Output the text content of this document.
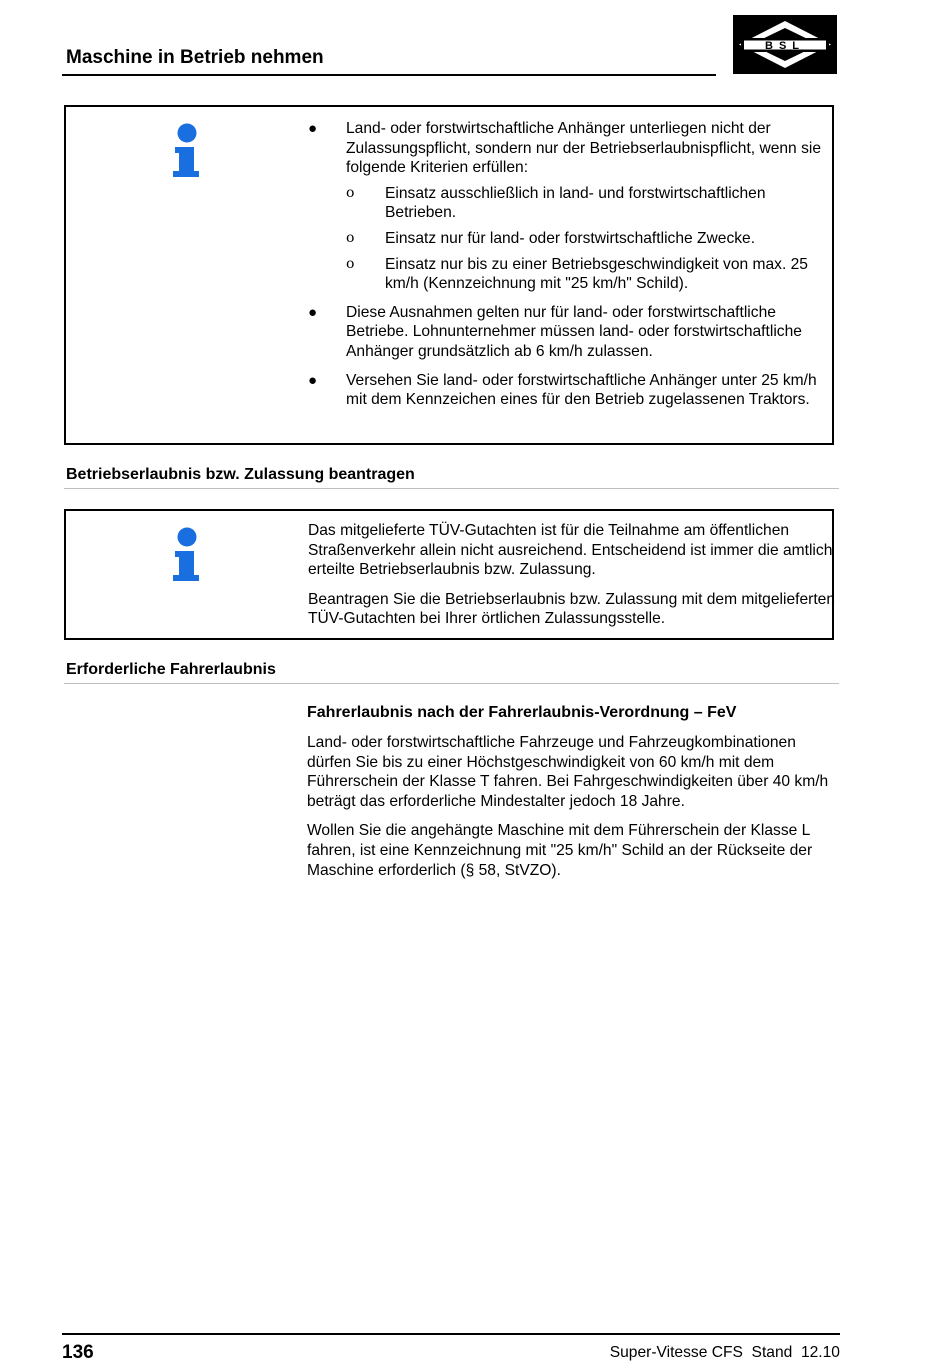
Maschine in Betrieb nehmen
BSL
●	Land- oder forstwirtschaftliche Anhänger unterliegen nicht der Zulassungspflicht, sondern nur der Betriebserlaubnispflicht, wenn sie folgende Kriterien erfüllen:
ο Einsatz ausschließlich in land- und forstwirtschaftlichen Betrieben.
ο Einsatz nur für land- oder forstwirtschaftliche Zwecke.
ο Einsatz nur bis zu einer Betriebsgeschwindigkeit von max. 25 km/h (Kennzeichnung mit "25 km/h" Schild).
●	Diese Ausnahmen gelten nur für land- oder forstwirtschaftliche Betriebe. Lohnunternehmer müssen land- oder forstwirtschaftliche Anhänger grundsätzlich ab 6 km/h zulassen.
●	Versehen Sie land- oder forstwirtschaftliche Anhänger unter 25 km/h mit dem Kennzeichen eines für den Betrieb zugelassenen Traktors.
Betriebserlaubnis bzw. Zulassung beantragen

Das mitgelieferte TÜV-Gutachten ist für die Teilnahme am öffentlichen Straßenverkehr allein nicht ausreichend. Entscheidend ist immer die amtlich erteilte Betriebserlaubnis bzw. Zulassung.

Beantragen Sie die Betriebserlaubnis bzw. Zulassung mit dem mitgelieferten TÜV-Gutachten bei Ihrer örtlichen Zulassungsstelle.

Erforderliche Fahrerlaubnis
Fahrerlaubnis nach der Fahrerlaubnis-Verordnung – FeV

Land- oder forstwirtschaftliche Fahrzeuge und Fahrzeugkombinationen dürfen Sie bis zu einer Höchstgeschwindigkeit von 60 km/h mit dem Führerschein der Klasse T fahren. Bei Fahrgeschwindigkeiten über 40 km/h beträgt das erforderliche Mindestalter jedoch 18 Jahre.

Wollen Sie die angehängte Maschine mit dem Führerschein der Klasse L fahren, ist eine Kennzeichnung mit "25 km/h" Schild an der Rückseite der Maschine erforderlich (§ 58, StVZO).

136	Super-Vitesse CFS  Stand  12.10
